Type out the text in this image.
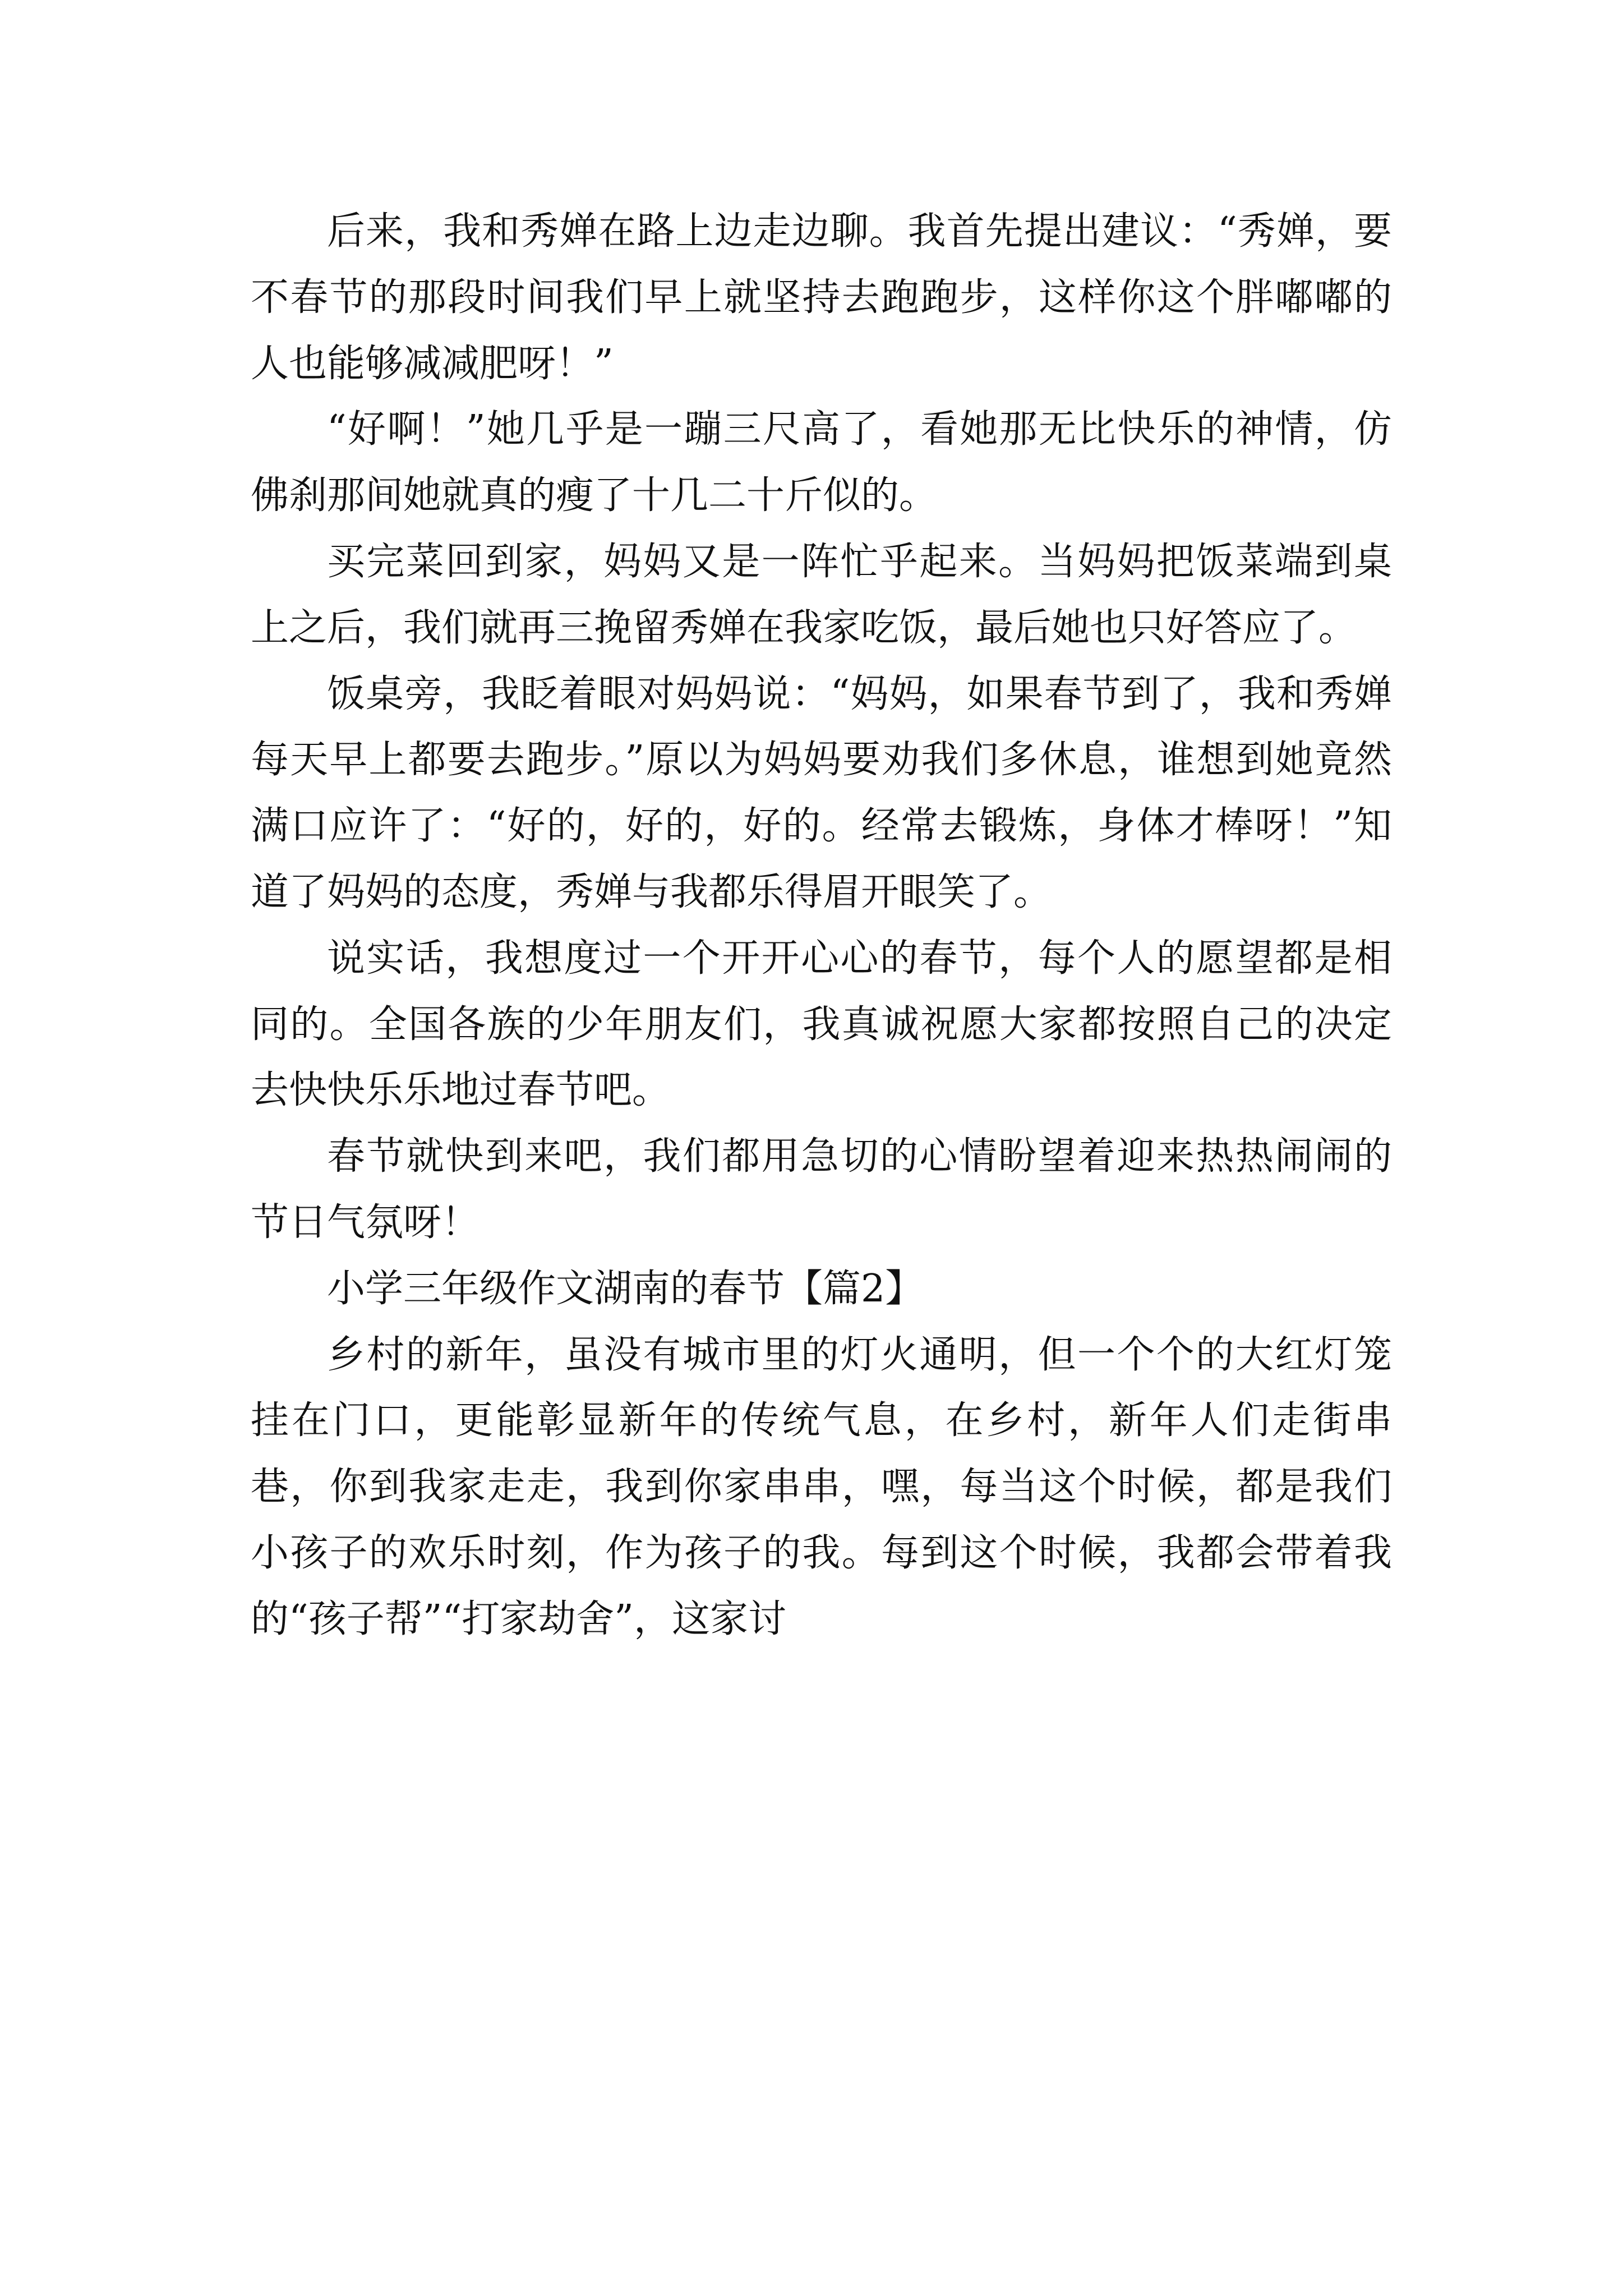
后来，我和秀婵在路上边走边聊。我首先提出建议：“秀婵，要不春节的那段时间我们早上就坚持去跑跑步，这样你这个胖嘟嘟的人也能够减减肥呀！”

“好啊！”她几乎是一蹦三尺高了，看她那无比快乐的神情，仿佛刹那间她就真的瘦了十几二十斤似的。

买完菜回到家，妈妈又是一阵忙乎起来。当妈妈把饭菜端到桌上之后，我们就再三挽留秀婵在我家吃饭，最后她也只好答应了。

饭桌旁，我眨着眼对妈妈说：“妈妈，如果春节到了，我和秀婵每天早上都要去跑步。”原以为妈妈要劝我们多休息，谁想到她竟然满口应许了：“好的，好的，好的。经常去锻炼，身体才棒呀！”知道了妈妈的态度，秀婵与我都乐得眉开眼笑了。

说实话，我想度过一个开开心心的春节，每个人的愿望都是相同的。全国各族的少年朋友们，我真诚祝愿大家都按照自己的决定去快快乐乐地过春节吧。

春节就快到来吧，我们都用急切的心情盼望着迎来热热闹闹的节日气氛呀！

小学三年级作文湖南的春节【篇2】

乡村的新年，虽没有城市里的灯火通明，但一个个的大红灯笼挂在门口，更能彰显新年的传统气息，在乡村，新年人们走街串巷，你到我家走走，我到你家串串，嘿，每当这个时候，都是我们小孩子的欢乐时刻，作为孩子的我。每到这个时候，我都会带着我的“孩子帮”“打家劫舍”，这家讨
